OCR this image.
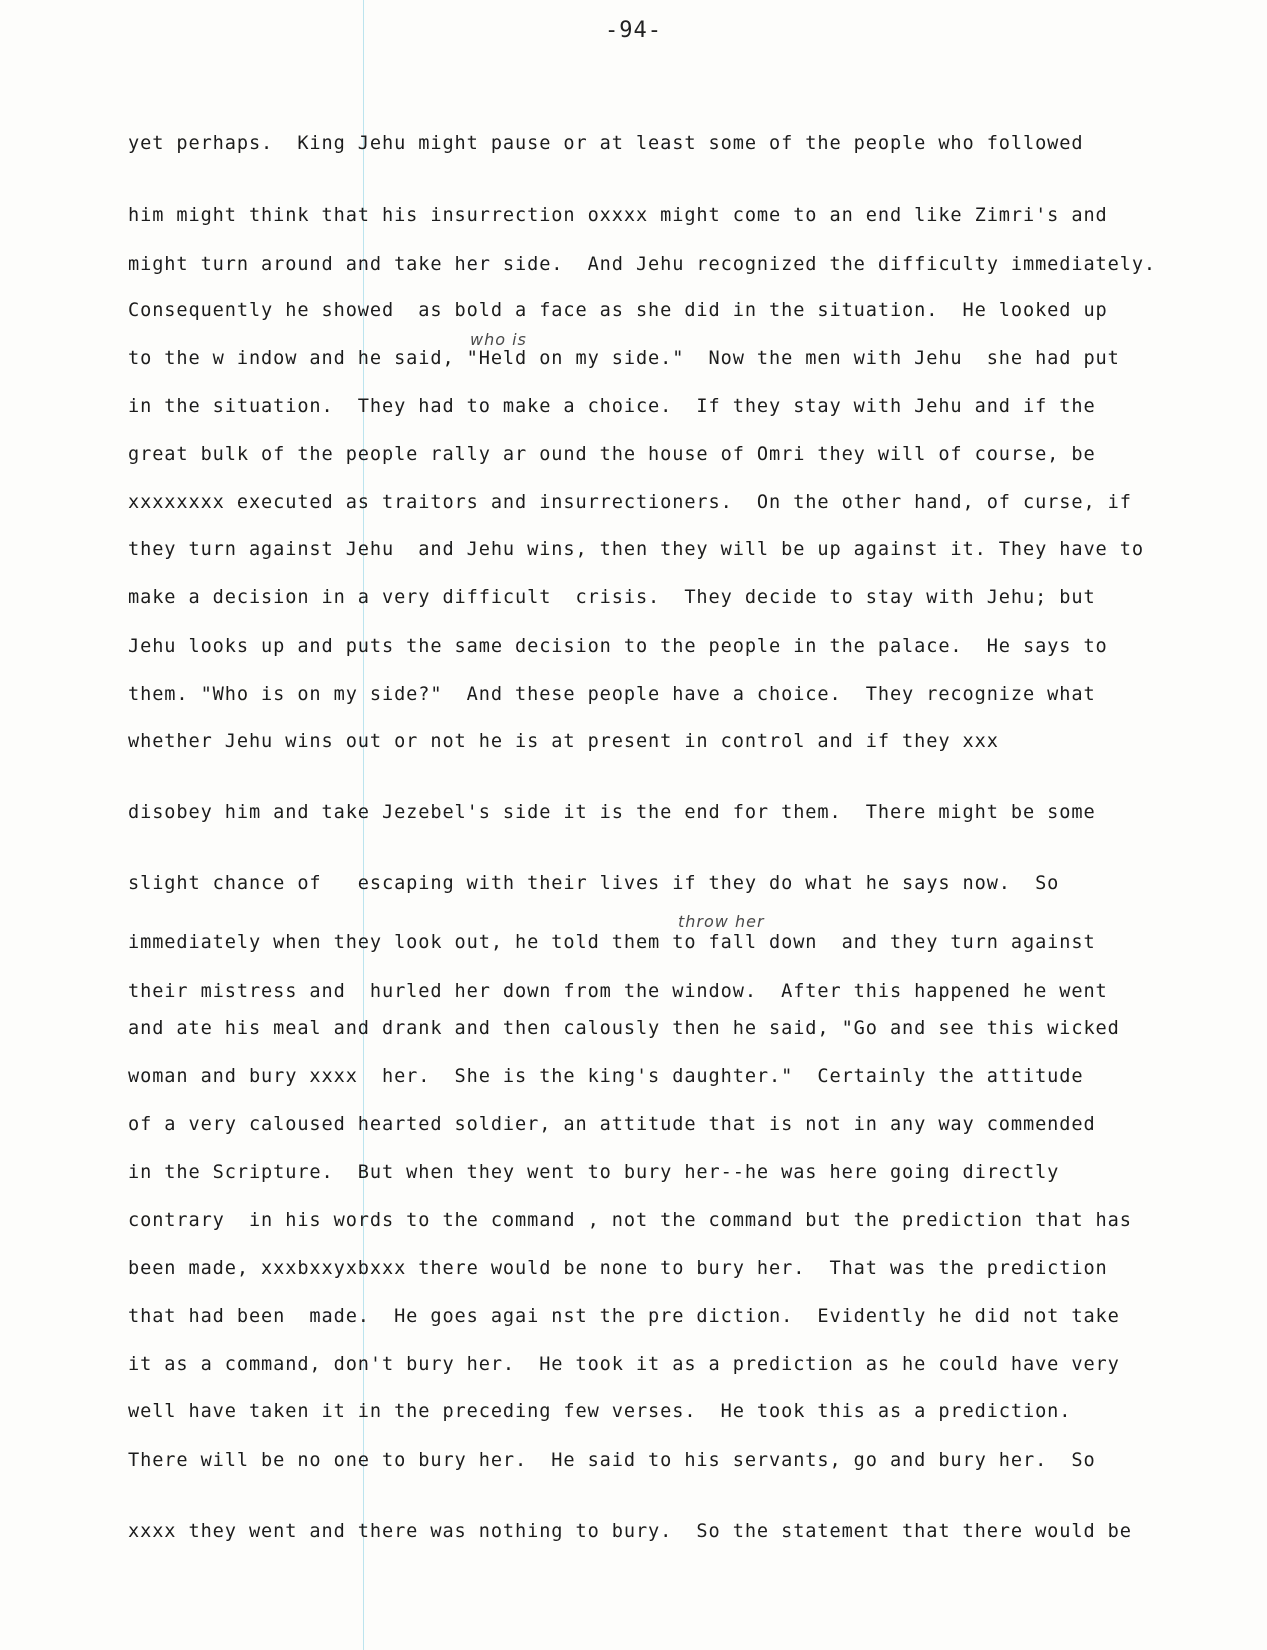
-94-
who is
throw her

yet perhaps.  King Jehu might pause or at least some of the people who followed

him might think that his insurrection oxxxx might come to an end like Zimri's and

might turn around and take her side.  And Jehu recognized the difficulty immediately.

Consequently he showed  as bold a face as she did in the situation.  He looked up

to the w indow and he said, "Held on my side."  Now the men with Jehu  she had put

in the situation.  They had to make a choice.  If they stay with Jehu and if the

great bulk of the people rally ar ound the house of Omri they will of course, be

xxxxxxxx executed as traitors and insurrectioners.  On the other hand, of curse, if

they turn against Jehu  and Jehu wins, then they will be up against it. They have to

make a decision in a very difficult  crisis.  They decide to stay with Jehu; but

Jehu looks up and puts the same decision to the people in the palace.  He says to

them. "Who is on my side?"  And these people have a choice.  They recognize what

whether Jehu wins out or not he is at present in control and if they xxx

disobey him and take Jezebel's side it is the end for them.  There might be some

slight chance of   escaping with their lives if they do what he says now.  So

immediately when they look out, he told them to fall down  and they turn against

their mistress and  hurled her down from the window.  After this happened he went

and ate his meal and drank and then calously then he said, "Go and see this wicked

woman and bury xxxx  her.  She is the king's daughter."  Certainly the attitude

of a very caloused hearted soldier, an attitude that is not in any way commended

in the Scripture.  But when they went to bury her--he was here going directly

contrary  in his words to the command , not the command but the prediction that has

been made, xxxbxxyxbxxx there would be none to bury her.  That was the prediction

that had been  made.  He goes agai nst the pre diction.  Evidently he did not take

it as a command, don't bury her.  He took it as a prediction as he could have very

well have taken it in the preceding few verses.  He took this as a prediction.

There will be no one to bury her.  He said to his servants, go and bury her.  So

xxxx they went and there was nothing to bury.  So the statement that there would be
